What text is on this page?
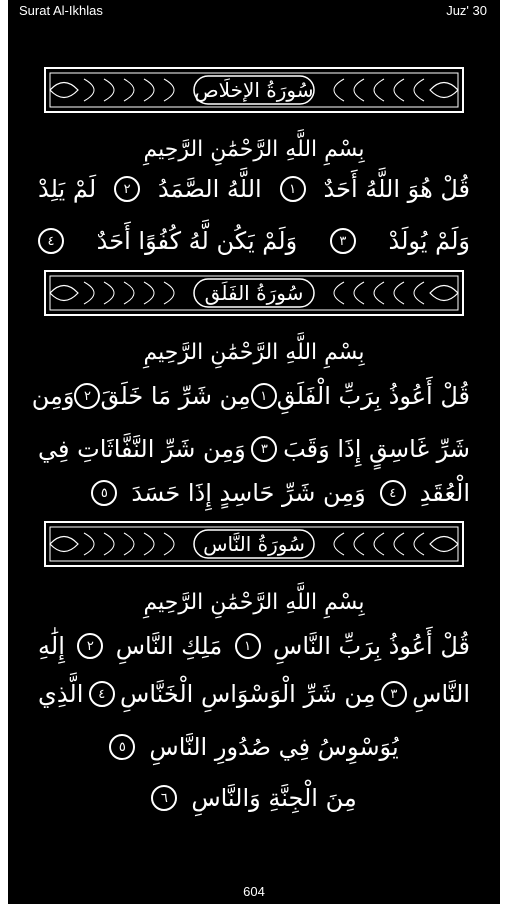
Surat Al-Ikhlas	Juz' 30
سُورَةُ الإخلَاص
بِسْمِ اللَّهِ الرَّحْمَٰنِ الرَّحِيمِ
قُلْ هُوَ اللَّهُ أَحَدٌ
١
اللَّهُ الصَّمَدُ
٢
لَمْ يَلِدْ
وَلَمْ يُولَدْ
٣
وَلَمْ يَكُن لَّهُ كُفُوًا أَحَدٌ
٤
سُورَةُ الفَلَق
بِسْمِ اللَّهِ الرَّحْمَٰنِ الرَّحِيمِ
قُلْ أَعُوذُ بِرَبِّ الْفَلَقِ
١
مِن شَرِّ مَا خَلَقَ
٢
وَمِن
شَرِّ غَاسِقٍ إِذَا وَقَبَ
٣
وَمِن شَرِّ النَّفَّاثَاتِ فِي
الْعُقَدِ
٤
وَمِن شَرِّ حَاسِدٍ إِذَا حَسَدَ
٥
سُورَةُ النَّاس
بِسْمِ اللَّهِ الرَّحْمَٰنِ الرَّحِيمِ
قُلْ أَعُوذُ بِرَبِّ النَّاسِ
١
مَلِكِ النَّاسِ
٢
إِلَٰهِ
النَّاسِ
٣
مِن شَرِّ الْوَسْوَاسِ الْخَنَّاسِ
٤
الَّذِي
يُوَسْوِسُ فِي صُدُورِ النَّاسِ
٥
مِنَ الْجِنَّةِ وَالنَّاسِ
٦
604
